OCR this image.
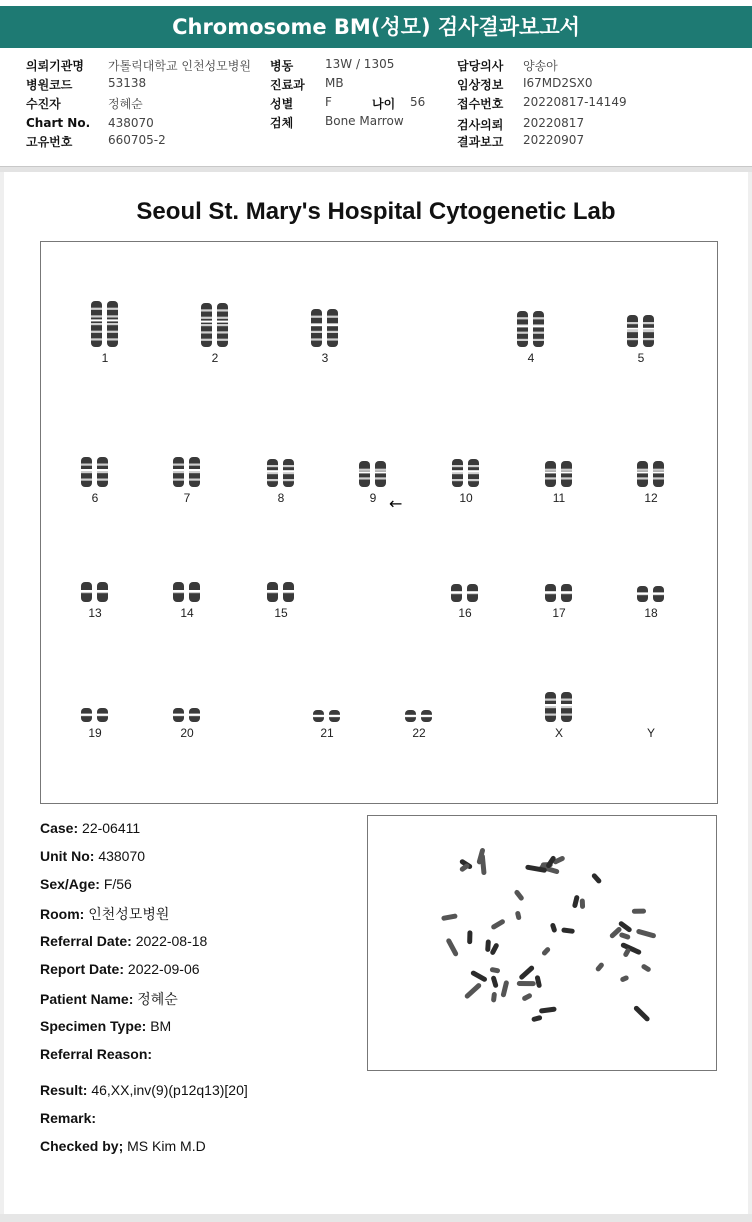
Chromosome BM(성모) 검사결과보고서
의뢰기관명 가톨릭대학교 인천성모병원
병원코드	53138
수진자	정혜순
Chart No. 438070
고유번호	660705-2
병동	13W / 1305
진료과 MB
성별	F	나이 56
검체	Bone Marrow
담당의사 양송아
임상정보 I67MD2SX0
접수번호 20220817-14149
검사의뢰 20220817
결과보고 20220907
Seoul St. Mary's Hospital Cytogenetic Lab
1	2	3	4	5
6	7	8	9	10	11	12
13	14	15	16	17	18
19	20	21	22	X	Y
←
Case: 22-06411
Unit No: 438070
Sex/Age: F/56
Room: 인천성모병원
Referral Date: 2022-08-18
Report Date: 2022-09-06
Patient Name: 정혜순
Specimen Type: BM
Referral Reason:
Result: 46,XX,inv(9)(p12q13)[20]
Remark:
Checked by; MS Kim M.D
